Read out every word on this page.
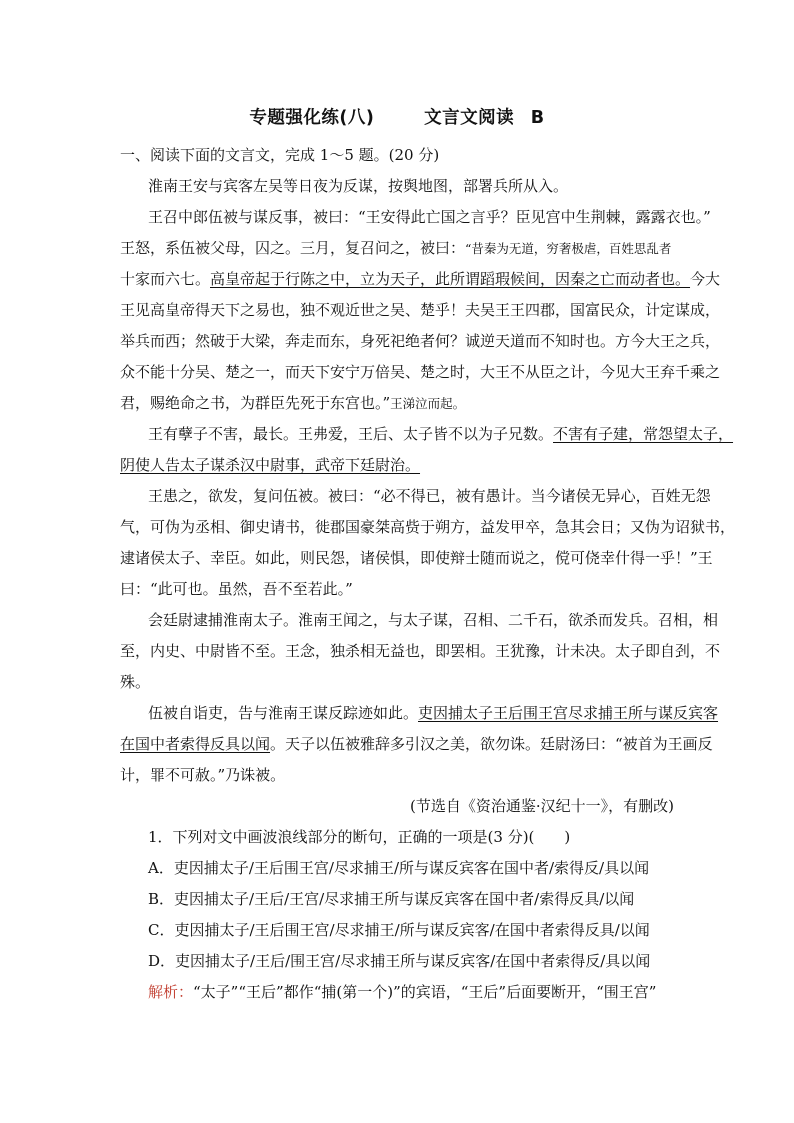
专题强化练(八)   文言文阅读 B
一、阅读下面的文言文，完成 1～5 题。(20 分)
淮南王安与宾客左吴等日夜为反谋，按舆地图，部署兵所从入。
王召中郎伍被与谋反事，被曰：“王安得此亡国之言乎？臣见宫中生荆棘，露露衣也。”
王怒，系伍被父母，囚之。三月，复召问之，被曰：“昔秦为无道，穷奢极虐，百姓思乱者
十家而六七。高皇帝起于行陈之中，立为天子，此所谓蹈瑕候间，因秦之亡而动者也。今大
王见高皇帝得天下之易也，独不观近世之吴、楚乎！夫吴王王四郡，国富民众，计定谋成，
举兵而西；然破于大梁，奔走而东，身死祀绝者何？诚逆天道而不知时也。方今大王之兵，
众不能十分吴、楚之一，而天下安宁万倍吴、楚之时，大王不从臣之计，今见大王弃千乘之
君，赐绝命之书，为群臣先死于东宫也。”王涕泣而起。
王有孽子不害，最长。王弗爱，王后、太子皆不以为子兄数。不害有子建，常怨望太子，
阴使人告太子谋杀汉中尉事，武帝下廷尉治。
王患之，欲发，复问伍被。被曰：“必不得已，被有愚计。当今诸侯无异心，百姓无怨
气，可伪为丞相、御史请书，徙郡国豪桀高赀于朔方，益发甲卒，急其会日；又伪为诏狱书，
逮诸侯太子、幸臣。如此，则民怨，诸侯惧，即使辩士随而说之，傥可侥幸什得一乎！”王
曰：“此可也。虽然，吾不至若此。”
会廷尉逮捕淮南太子。淮南王闻之，与太子谋，召相、二千石，欲杀而发兵。召相，相
至，内史、中尉皆不至。王念，独杀相无益也，即罢相。王犹豫，计未决。太子即自刭，不
殊。
伍被自诣吏，告与淮南王谋反踪迹如此。吏因捕太子王后围王宫尽求捕王所与谋反宾客
在国中者索得反具以闻。天子以伍被雅辞多引汉之美，欲勿诛。廷尉汤曰：“被首为王画反
计，罪不可赦。”乃诛被。
(节选自《资治通鉴·汉纪十一》，有删改)
1．下列对文中画波浪线部分的断句，正确的一项是(3 分)(　　)
A．吏因捕太子/王后围王宫/尽求捕王/所与谋反宾客在国中者/索得反/具以闻
B．吏因捕太子/王后/王宫/尽求捕王所与谋反宾客在国中者/索得反具/以闻
C．吏因捕太子/王后围王宫/尽求捕王/所与谋反宾客/在国中者索得反具/以闻
D．吏因捕太子/王后/围王宫/尽求捕王所与谋反宾客/在国中者索得反/具以闻
解析：“太子”“王后”都作“捕(第一个)”的宾语，“王后”后面要断开，“围王宫”
